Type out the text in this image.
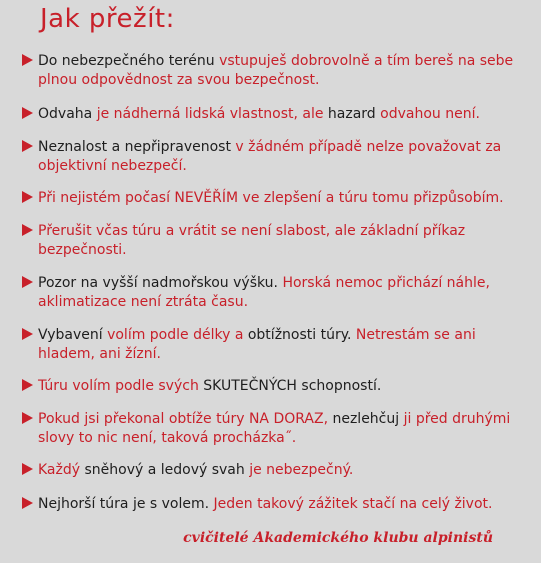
Jak přežít:
Do nebezpečného terénu vstupuješ dobrovolně a tím bereš na sebe plnou odpovědnost za svou bezpečnost.
Odvaha je nádherná lidská vlastnost, ale hazard odvahou není.
Neznalost a nepřipravenost v žádném případě nelze považovat za objektivní nebezpečí.
Při nejistém počasí NEVĚŘÍM ve zlepšení a túru tomu přizpůsobím.
Přerušit včas túru a vrátit se není slabost, ale základní příkaz bezpečnosti.
Pozor na vyšší nadmořskou výšku. Horská nemoc přichází náhle, aklimatizace není ztráta času.
Vybavení volím podle délky a obtížnosti túry. Netrestám se ani hladem, ani žízní.
Túru volím podle svých SKUTEČNÝCH schopností.
Pokud jsi překonal obtíže túry NA DORAZ, nezlehčuj ji před druhými slovy to nic není, taková procházka˝.
Každý sněhový a ledový svah je nebezpečný.
Nejhorší túra je s volem. Jeden takový zážitek stačí na celý život.
cvičitelé Akademického klubu alpinistů
